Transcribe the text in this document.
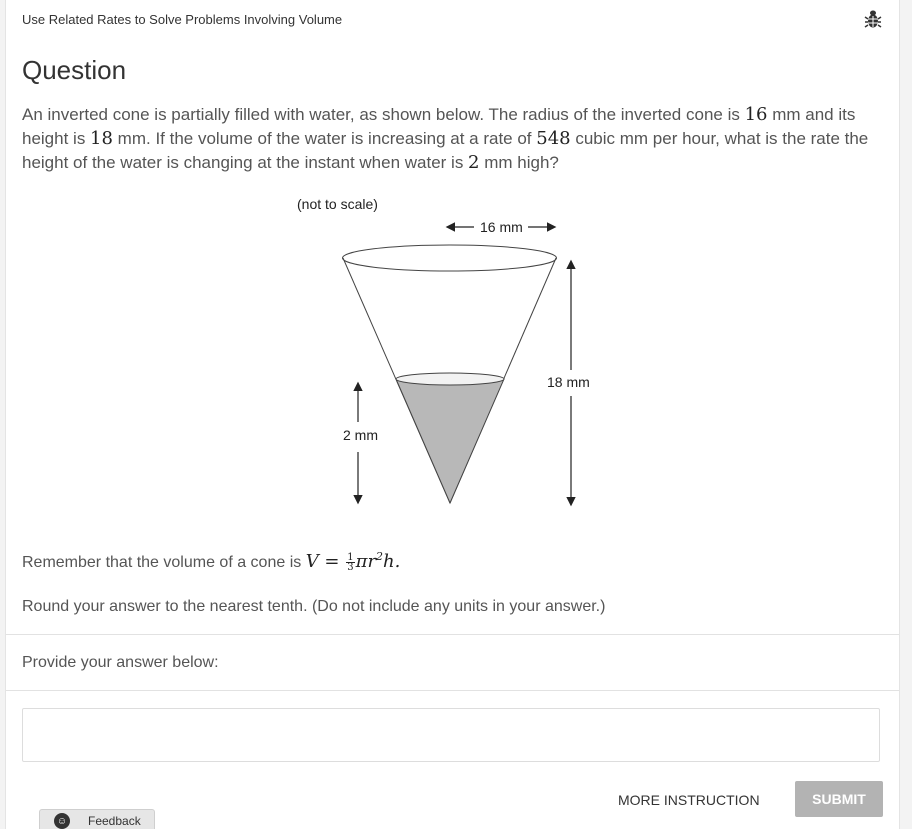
Use Related Rates to Solve Problems Involving Volume
Question
An inverted cone is partially filled with water, as shown below. The radius of the inverted cone is 16 mm and its height is 18 mm. If the volume of the water is increasing at a rate of 548 cubic mm per hour, what is the rate the height of the water is changing at the instant when water is 2 mm high?
(not to scale)
16 mm
18 mm
2 mm
Remember that the volume of a cone is $V = \frac{1}{3} \pi r^2h$.
Round your answer to the nearest tenth. (Do not include any units in your answer.)
Provide your answer below:
MORE INSTRUCTION	SUBMIT
☺ Feedback
